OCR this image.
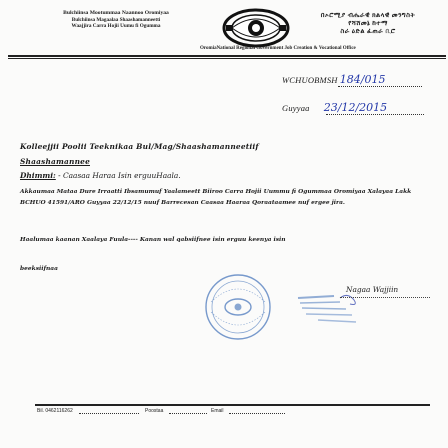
Bulchiinsa Mootummaa Naannoo Oromiyaa
Bulchiinsa Magaalaa Shaashamanneetti
Waajjira Carra Hojii Uumu fi Ogumma
በኦሮሚያ ብሔራዊ ክልላዊ መንግስት
የሻሸመኔ ከተማ
ስራ ዕድል ፈጠራ ቢሮ
OromiaNational Regional Government Job Creation & Vocational Office
WCHUOBMSH 184/015
Guyyaa 23/12/2015
Kolleejjii Poolii Teeknikaa Bul/Mag/Shaashamanneetiif
Shaashamannee
Dhimmi: - Caasaa Haraa Isin erguuHaala.
Akkaumaa Mataa Dure Irraatti Ibsamumuf Yaalameett Biiroo Carra Hojii Uummu fi Ogummaa Oromiyaa Xalayaa Lakk BCHUO 41591/ARO Guyyaa 22/12/15 nuuf Barrecesan Caasaa Haaraa Qoraataamee nuf ergee jira.
Haalumaa kaanan Xaalaya Fuula---- Kanan wal qabsiifnee isin erguu keenya isin
beeksiifnaa
Nagaa Wajjiin
Bil. 0462116262	Poostaa	Email
